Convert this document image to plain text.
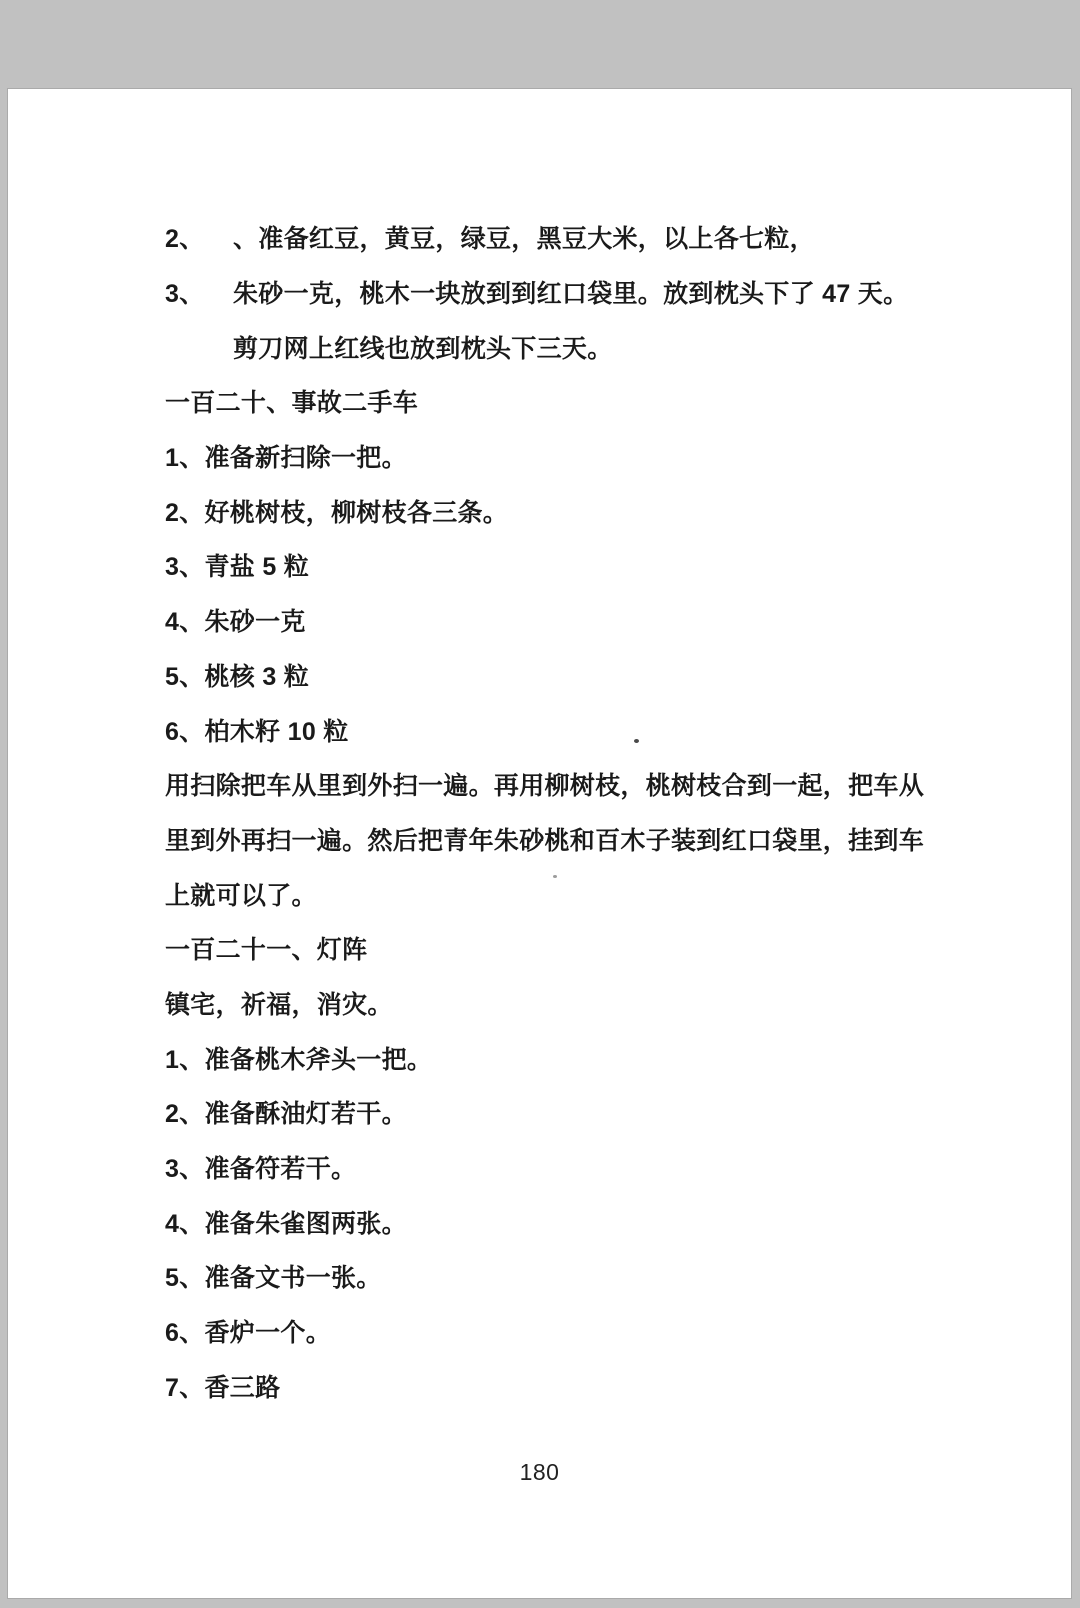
2、	、准备红豆，黄豆，绿豆，黑豆大米，以上各七粒，
3、	朱砂一克，桃木一块放到到红口袋里。放到枕头下了 47 天。
剪刀网上红线也放到枕头下三天。
一百二十、事故二手车
1、准备新扫除一把。
2、好桃树枝，柳树枝各三条。
3、青盐 5 粒
4、朱砂一克
5、桃核 3 粒
6、柏木籽 10 粒
用扫除把车从里到外扫一遍。再用柳树枝，桃树枝合到一起，把车从
里到外再扫一遍。然后把青年朱砂桃和百木子装到红口袋里，挂到车
上就可以了。
一百二十一、灯阵
镇宅，祈福，消灾。
1、准备桃木斧头一把。
2、准备酥油灯若干。
3、准备符若干。
4、准备朱雀图两张。
5、准备文书一张。
6、香炉一个。
7、香三路
180
